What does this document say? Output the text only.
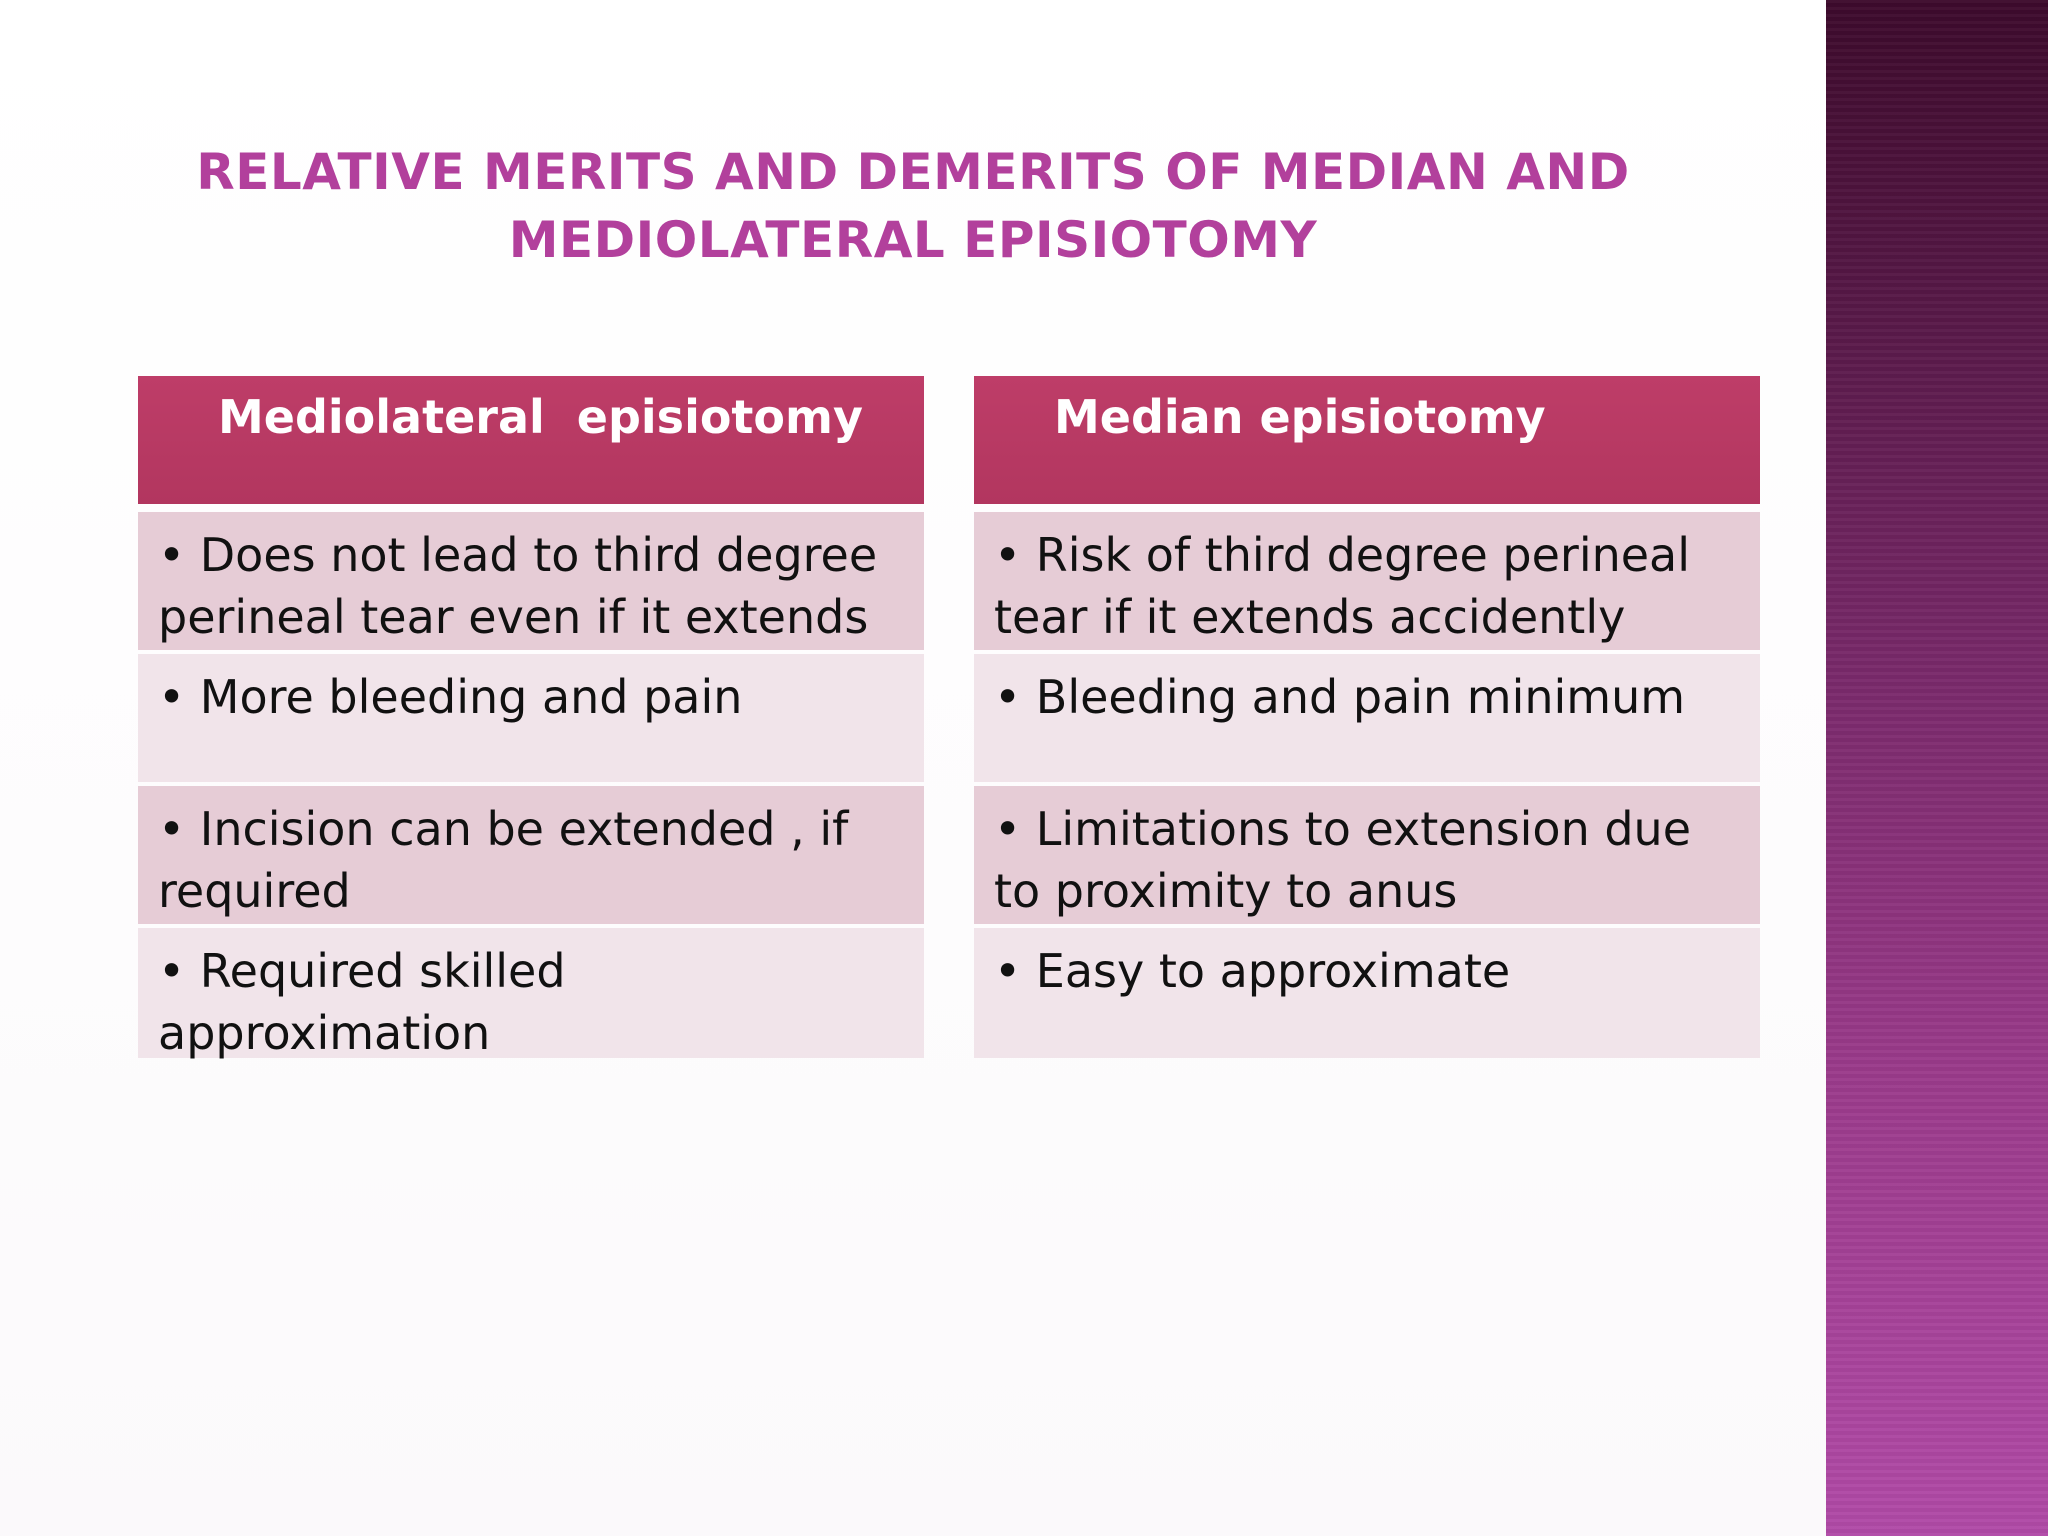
RELATIVE MERITS AND DEMERITS OF MEDIAN AND
MEDIOLATERAL EPISIOTOMY
Mediolateral  episiotomy
• Does not lead to third degree perineal tear even if it extends
• More bleeding and pain
• Incision can be extended , if required
• Required skilled approximation
Median episiotomy
• Risk of third degree perineal tear if it extends accidently
• Bleeding and pain minimum
• Limitations to extension due to proximity to anus
• Easy to approximate
